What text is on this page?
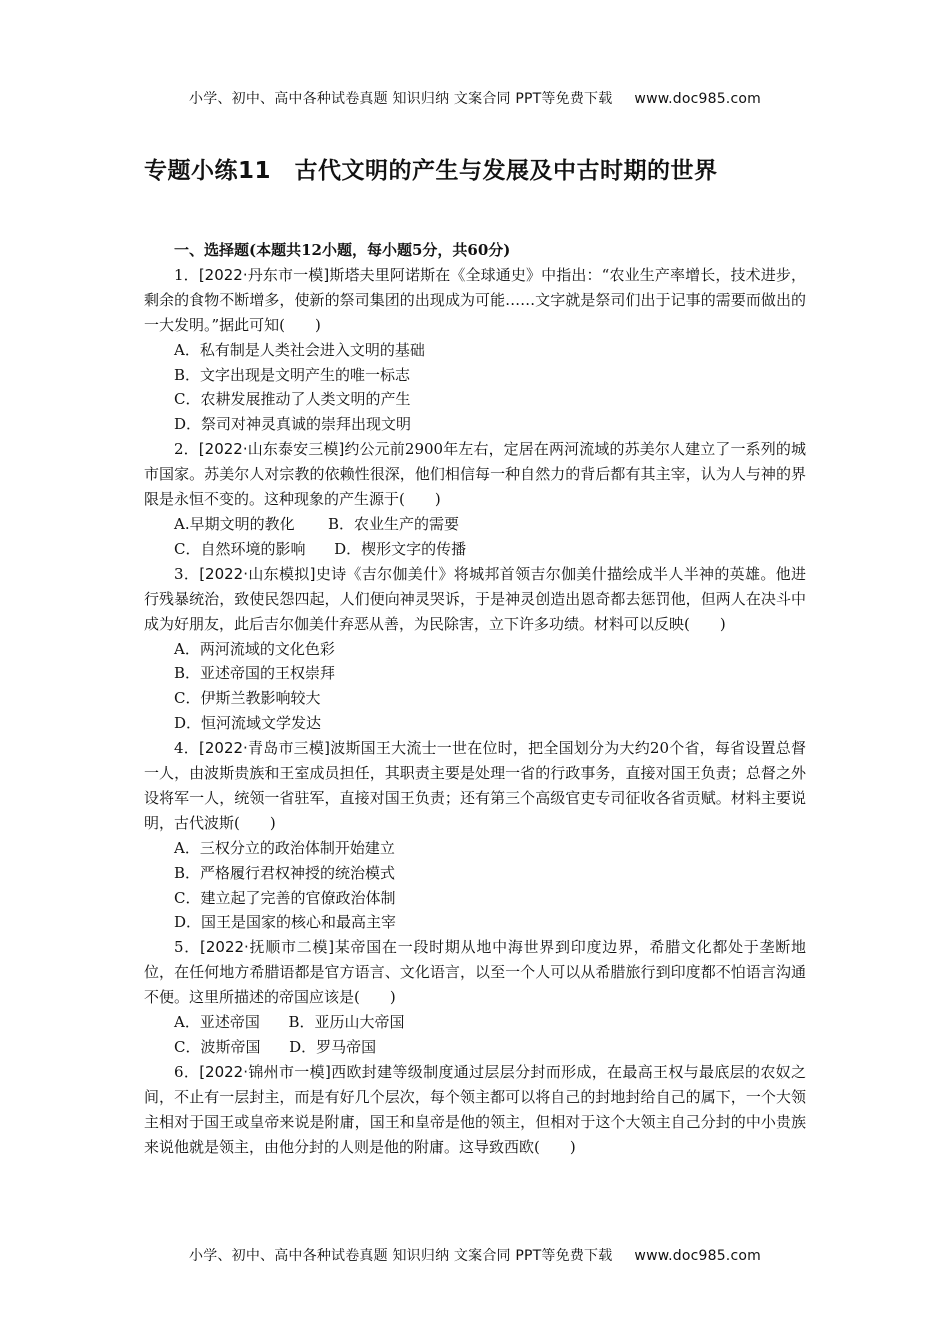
小学、初中、高中各种试卷真题 知识归纳 文案合同 PPT等免费下载 www.doc985.com
专题小练11　古代文明的产生与发展及中古时期的世界
一、选择题(本题共12小题，每小题5分，共60分)
1．[2022·丹东市一模]斯塔夫里阿诺斯在《全球通史》中指出：“农业生产率增长，技术进步，剩余的食物不断增多，使新的祭司集团的出现成为可能……文字就是祭司们出于记事的需要而做出的一大发明。”据此可知(　　)
A．私有制是人类社会进入文明的基础
B．文字出现是文明产生的唯一标志
C．农耕发展推动了人类文明的产生
D．祭司对神灵真诚的崇拜出现文明
2．[2022·山东泰安三模]约公元前2900年左右，定居在两河流域的苏美尔人建立了一系列的城市国家。苏美尔人对宗教的依赖性很深，他们相信每一种自然力的背后都有其主宰，认为人与神的界限是永恒不变的。这种现象的产生源于(　　)
A.早期文明的教化       B．农业生产的需要
C．自然环境的影响      D．楔形文字的传播
3．[2022·山东模拟]史诗《吉尔伽美什》将城邦首领吉尔伽美什描绘成半人半神的英雄。他进行残暴统治，致使民怨四起，人们便向神灵哭诉，于是神灵创造出恩奇都去惩罚他，但两人在决斗中成为好朋友，此后吉尔伽美什弃恶从善，为民除害，立下许多功绩。材料可以反映(　　)
A．两河流域的文化色彩
B．亚述帝国的王权崇拜
C．伊斯兰教影响较大
D．恒河流域文学发达
4．[2022·青岛市三模]波斯国王大流士一世在位时，把全国划分为大约20个省，每省设置总督一人，由波斯贵族和王室成员担任，其职责主要是处理一省的行政事务，直接对国王负责；总督之外设将军一人，统领一省驻军，直接对国王负责；还有第三个高级官吏专司征收各省贡赋。材料主要说明，古代波斯(　　)
A．三权分立的政治体制开始建立
B．严格履行君权神授的统治模式
C．建立起了完善的官僚政治体制
D．国王是国家的核心和最高主宰
5．[2022·抚顺市二模]某帝国在一段时期从地中海世界到印度边界，希腊文化都处于垄断地位，在任何地方希腊语都是官方语言、文化语言，以至一个人可以从希腊旅行到印度都不怕语言沟通不便。这里所描述的帝国应该是(　　)
A．亚述帝国      B．亚历山大帝国
C．波斯帝国      D．罗马帝国
6．[2022·锦州市一模]西欧封建等级制度通过层层分封而形成，在最高王权与最底层的农奴之间，不止有一层封主，而是有好几个层次，每个领主都可以将自己的封地封给自己的属下，一个大领主相对于国王或皇帝来说是附庸，国王和皇帝是他的领主，但相对于这个大领主自己分封的中小贵族来说他就是领主，由他分封的人则是他的附庸。这导致西欧(　　)
小学、初中、高中各种试卷真题 知识归纳 文案合同 PPT等免费下载 www.doc985.com
